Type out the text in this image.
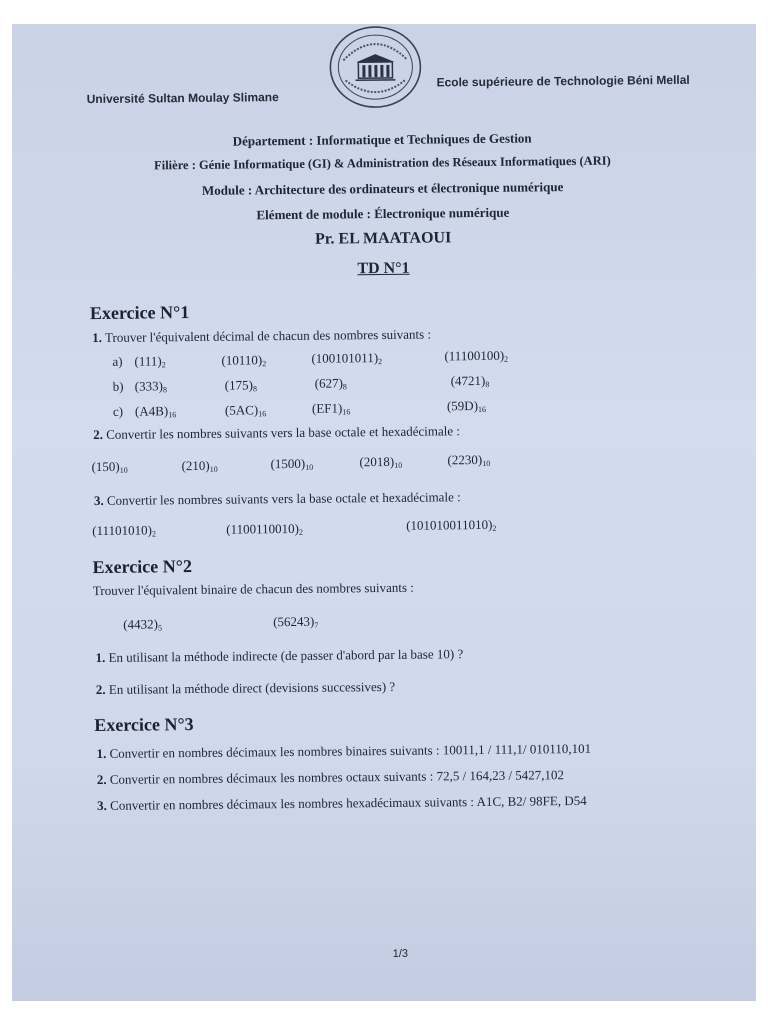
Université Sultan Moulay Slimane
Ecole supérieure de Technologie Béni Mellal
Département : Informatique et Techniques de Gestion
Filière : Génie Informatique (GI) & Administration des Réseaux Informatiques (ARI)
Module : Architecture des ordinateurs et électronique numérique
Elément de module : Électronique numérique
Pr. EL MAATAOUI
TD N°1
Exercice N°1
1. Trouver l'équivalent décimal de chacun des nombres suivants :
a) $(111)_2$	$(10110)_2$	$(100101011)_2$	$(11100100)_2$
b) $(333)_8$	$(175)_8$	$(627)_8$	$(4721)_8$
c) $(A4B)_{16}$	$(5AC)_{16}$	$(EF1)_{16}$	$(59D)_{16}$
2. Convertir les nombres suivants vers la base octale et hexadécimale :
$(150)_{10}$	$(210)_{10}$	$(1500)_{10}$	$(2018)_{10}$	$(2230)_{10}$
3. Convertir les nombres suivants vers la base octale et hexadécimale :
$(11101010)_2$	$(1100110010)_2$	$(101010011010)_2$
Exercice N°2
Trouver l'équivalent binaire de chacun des nombres suivants :
$(4432)_5$	$(56243)_7$
1. En utilisant la méthode indirecte (de passer d'abord par la base 10) ?
2. En utilisant la méthode direct (devisions successives) ?
Exercice N°3
1. Convertir en nombres décimaux les nombres binaires suivants : 10011,1 / 111,1/ 010110,101
2. Convertir en nombres décimaux les nombres octaux suivants : 72,5 / 164,23 / 5427,102
3. Convertir en nombres décimaux les nombres hexadécimaux suivants : A1C, B2/ 98FE, D54
1/3
